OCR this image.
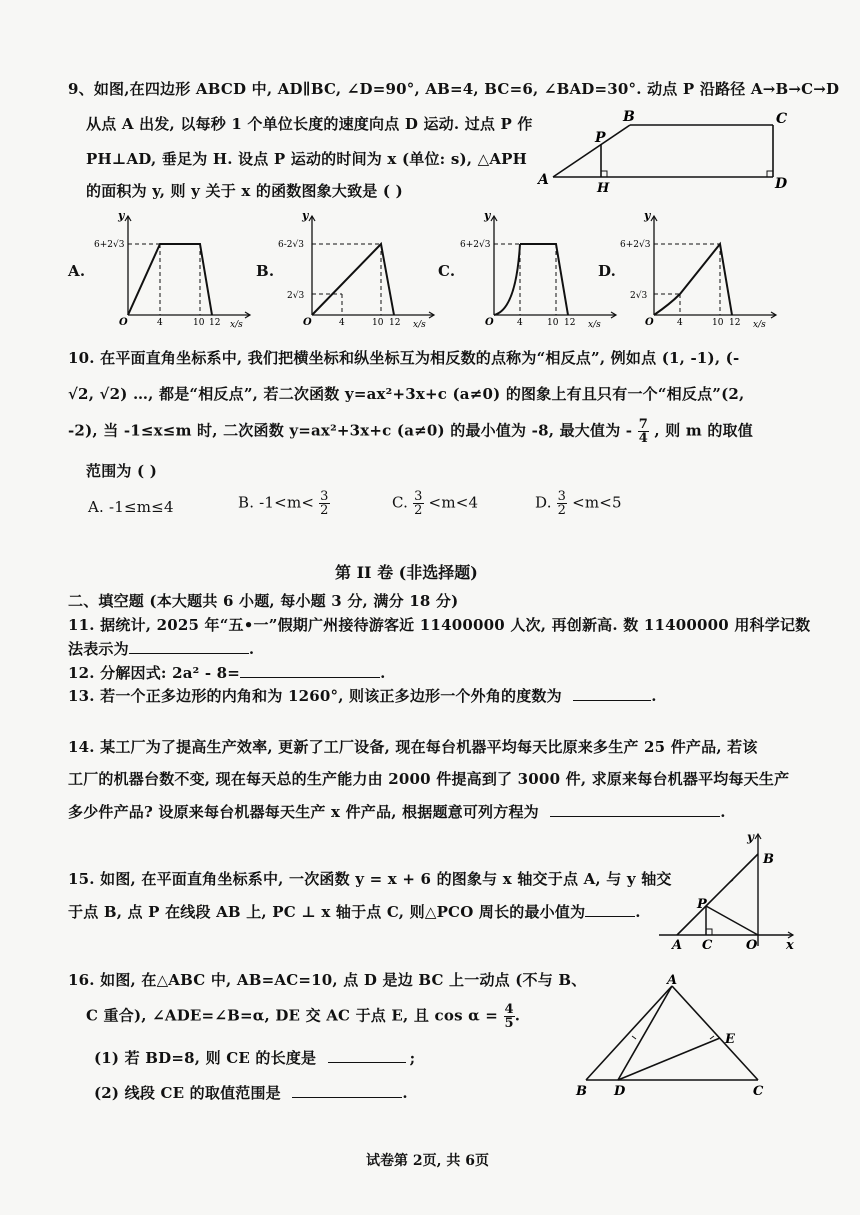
9、如图,在四边形 ABCD 中, AD∥BC, ∠D=90°, AB=4, BC=6, ∠BAD=30°. 动点 P 沿路径 A→B→C→D
从点 A 出发, 以每秒 1 个单位长度的速度向点 D 运动. 过点 P 作
PH⊥AD, 垂足为 H. 设点 P 运动的时间为 x (单位: s), △APH
的面积为 y, 则 y 关于 x 的函数图象大致是 ( )
A
B	C
D
P
H
A.
y
6+2√3
O	4	10 12 x/s
B.
y
6-2√3
2√3
O	4	10 12 x/s
C.
y
6+2√3
O	4	10 12 x/s
D.
y
6+2√3
2√3
O	4	10 12 x/s
10. 在平面直角坐标系中, 我们把横坐标和纵坐标互为相反数的点称为“相反点”, 例如点 (1, -1), (-
√2, √2) …, 都是“相反点”, 若二次函数 y=ax²+3x+c (a≠0) 的图象上有且只有一个“相反点”(2,
-2), 当 -1≤x≤m 时, 二次函数 y=ax²+3x+c (a≠0) 的最小值为 -8, 最大值为 - $\frac{7}{4}$ , 则 m 的取值
范围为 ( )
A. -1≤m≤4	B. $-1<m< \frac{3}{2}$	C. $\frac{3}{2} <m<4$	D. $\frac{3}{2} <m<5$
第 II 卷 (非选择题)
二、填空题 (本大题共 6 小题, 每小题 3 分, 满分 18 分)
11. 据统计, 2025 年“五•一”假期广州接待游客近 11400000 人次, 再创新高. 数 11400000 用科学记数
法表示为	.
12. 分解因式: 2a² - 8=	.
13. 若一个正多边形的内角和为 1260°, 则该正多边形一个外角的度数为	.
14. 某工厂为了提高生产效率, 更新了工厂设备, 现在每台机器平均每天比原来多生产 25 件产品, 若该
工厂的机器台数不变, 现在每天总的生产能力由 2000 件提高到了 3000 件, 求原来每台机器平均每天生产
多少件产品? 设原来每台机器每天生产 x 件产品, 根据题意可列方程为	.
15. 如图, 在平面直角坐标系中, 一次函数 y = x + 6 的图象与 x 轴交于点 A, 与 y 轴交
于点 B, 点 P 在线段 AB 上, PC ⊥ x 轴于点 C, 则△PCO 周长的最小值为	.
y
B
P
A C	O x
16. 如图, 在△ABC 中, AB=AC=10, 点 D 是边 BC 上一动点 (不与 B、
C 重合), ∠ADE=∠B=α, DE 交 AC 于点 E, 且 $\cos \alpha = \frac{4}{5}$ .
(1) 若 BD=8, 则 CE 的长度是	;
(2) 线段 CE 的取值范围是	.
A
B	C
D
E
试卷第 2页, 共 6页
